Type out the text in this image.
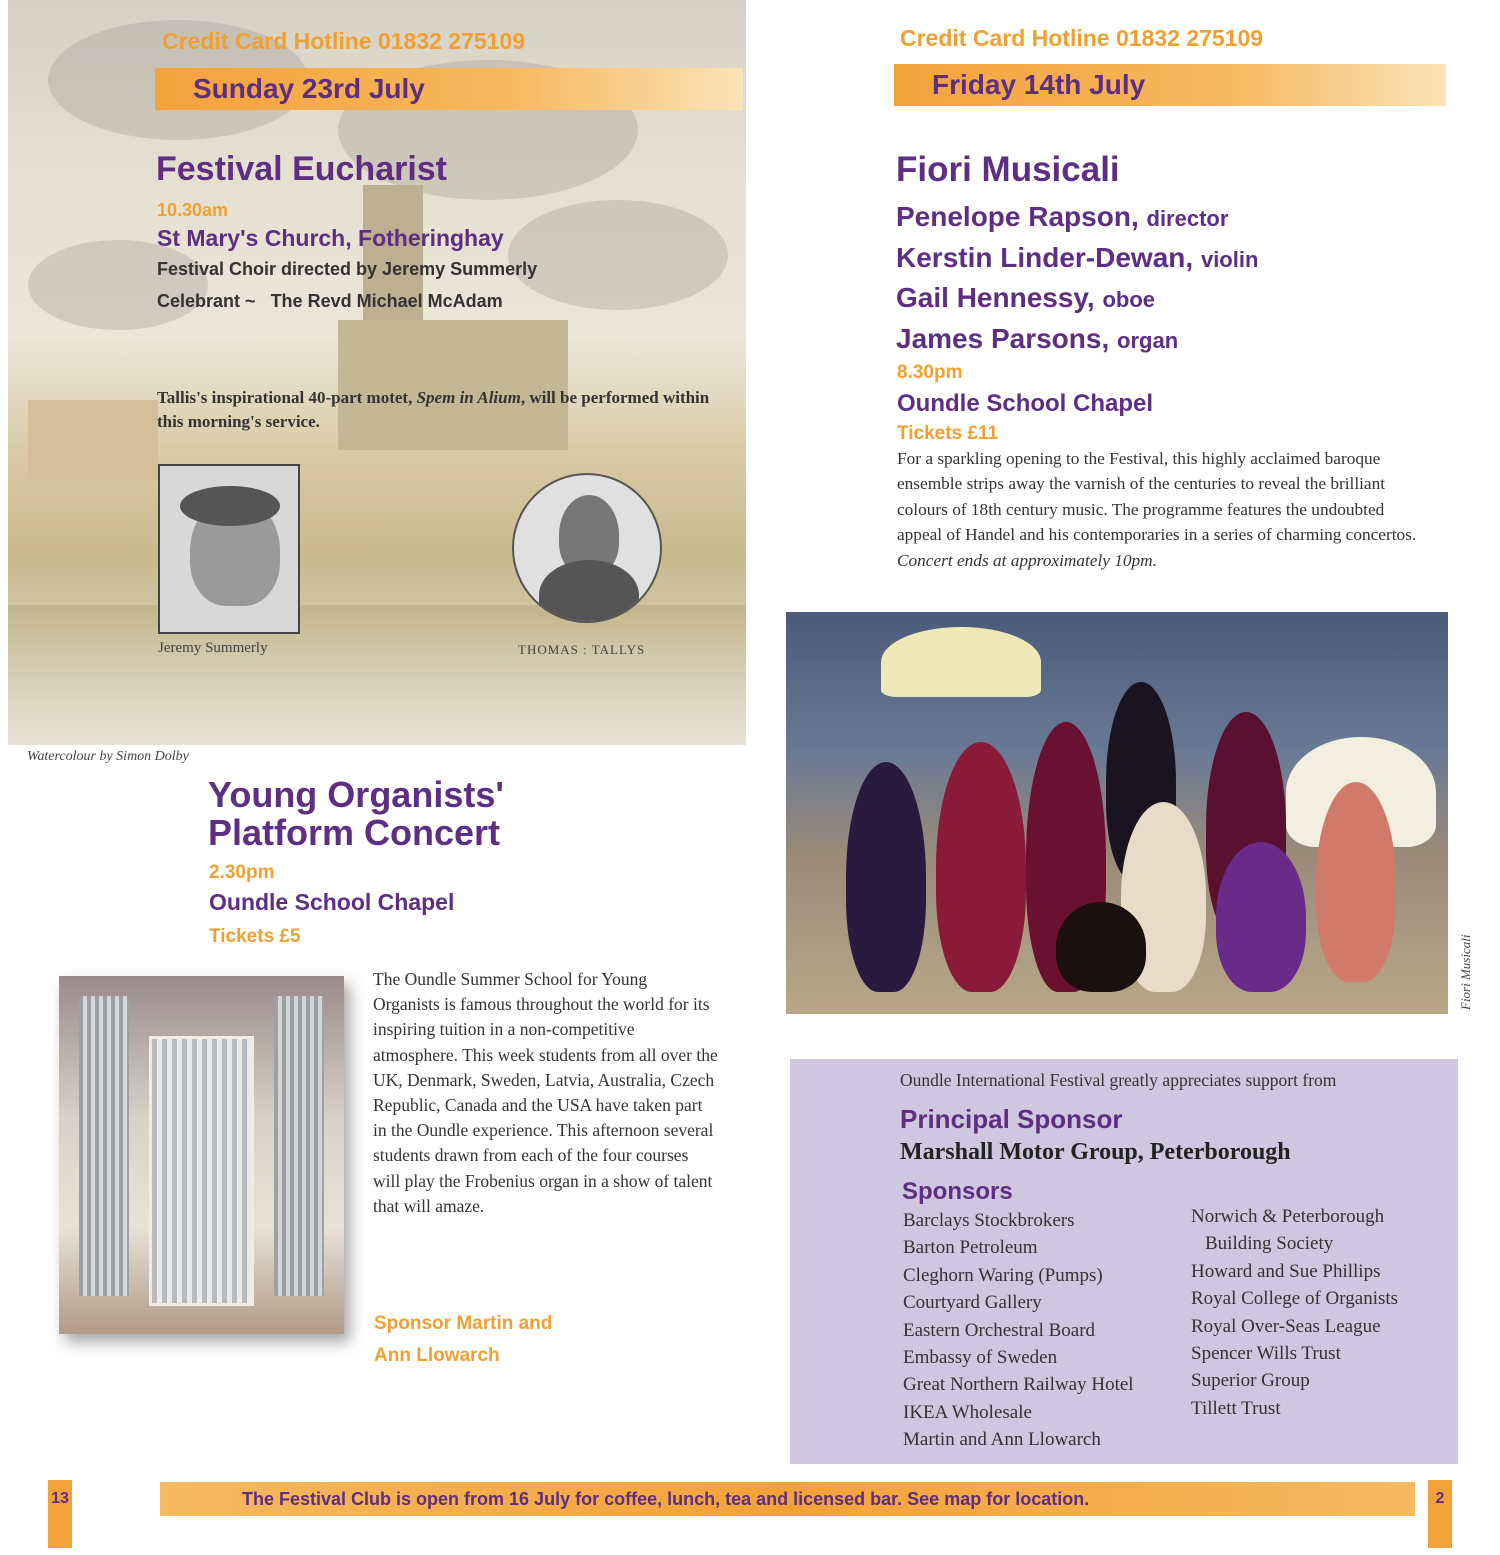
Credit Card Hotline 01832 275109
Sunday 23rd July
Festival Eucharist
10.30am
St Mary's Church, Fotheringhay
Festival Choir directed by Jeremy Summerly
Celebrant ~ The Revd Michael McAdam
Tallis's inspirational 40-part motet, Spem in Alium, will be performed within this morning's service.
Jeremy Summerly	THOMAS : TALLYS
Watercolour by Simon Dolby
Young Organists'
Platform Concert
2.30pm
Oundle School Chapel
Tickets £5
The Oundle Summer School for Young Organists is famous throughout the world for its inspiring tuition in a non-competitive atmosphere. This week students from all over the UK, Denmark, Sweden, Latvia, Australia, Czech Republic, Canada and the USA have taken part in the Oundle experience. This afternoon several students drawn from each of the four courses will play the Frobenius organ in a show of talent that will amaze.
Sponsor Martin and
Ann Llowarch
Credit Card Hotline 01832 275109
Friday 14th July
Fiori Musicali
Penelope Rapson, director
Kerstin Linder-Dewan, violin
Gail Hennessy, oboe
James Parsons, organ
8.30pm
Oundle School Chapel
Tickets £11
For a sparkling opening to the Festival, this highly acclaimed baroque ensemble strips away the varnish of the centuries to reveal the brilliant colours of 18th century music. The programme features the undoubted appeal of Handel and his contemporaries in a series of charming concertos.
Concert ends at approximately 10pm.
Fiori Musicali
Oundle International Festival greatly appreciates support from
Principal Sponsor
Marshall Motor Group, Peterborough
Sponsors
Barclays Stockbrokers
Barton Petroleum
Cleghorn Waring (Pumps)
Courtyard Gallery
Eastern Orchestral Board
Embassy of Sweden
Great Northern Railway Hotel
IKEA Wholesale
Martin and Ann Llowarch
Norwich & Peterborough
Building Society
Howard and Sue Phillips
Royal College of Organists
Royal Over-Seas League
Spencer Wills Trust
Superior Group
Tillett Trust
13	The Festival Club is open from 16 July for coffee, lunch, tea and licensed bar. See map for location.	2
